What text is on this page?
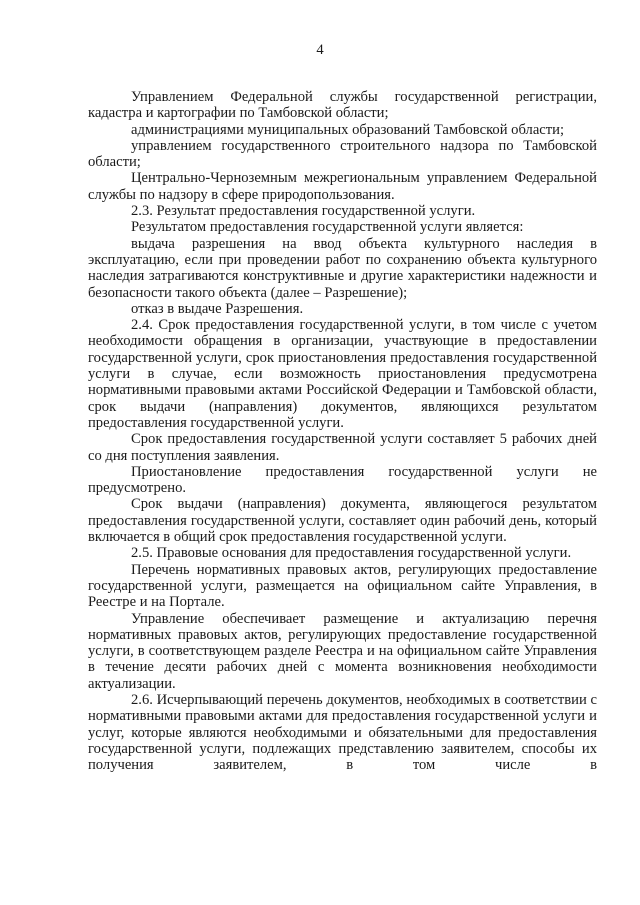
4

Управлением Федеральной службы государственной регистрации, кадастра и картографии по Тамбовской области;

администрациями муниципальных образований Тамбовской области;

управлением государственного строительного надзора по Тамбовской области;

Центрально-Черноземным межрегиональным управлением Федеральной службы по надзору в сфере природопользования.

2.3. Результат предоставления государственной услуги.

Результатом предоставления государственной услуги является:

выдача разрешения на ввод объекта культурного наследия в эксплуатацию, если при проведении работ по сохранению объекта культурного наследия затрагиваются конструктивные и другие характеристики надежности и безопасности такого объекта (далее – Разрешение);

отказ в выдаче Разрешения.

2.4. Срок предоставления государственной услуги, в том числе с учетом необходимости обращения в организации, участвующие в предоставлении государственной услуги, срок приостановления предоставления государственной услуги в случае, если возможность приостановления предусмотрена нормативными правовыми актами Российской Федерации и Тамбовской области, срок выдачи (направления) документов, являющихся результатом предоставления государственной услуги.

Срок предоставления государственной услуги составляет 5 рабочих дней со дня поступления заявления.

Приостановление предоставления государственной услуги не предусмотрено.

Срок выдачи (направления) документа, являющегося результатом предоставления государственной услуги, составляет один рабочий день, который включается в общий срок предоставления государственной услуги.

2.5. Правовые основания для предоставления государственной услуги.

Перечень нормативных правовых актов, регулирующих предоставление государственной услуги, размещается на официальном сайте Управления, в Реестре и на Портале.

Управление обеспечивает размещение и актуализацию перечня нормативных правовых актов, регулирующих предоставление государственной услуги, в соответствующем разделе Реестра и на официальном сайте Управления в течение десяти рабочих дней с момента возникновения необходимости актуализации.

2.6. Исчерпывающий перечень документов, необходимых в соответствии с нормативными правовыми актами для предоставления государственной услуги и услуг, которые являются необходимыми и обязательными для предоставления государственной услуги, подлежащих представлению заявителем, способы их получения заявителем, в том числе в
